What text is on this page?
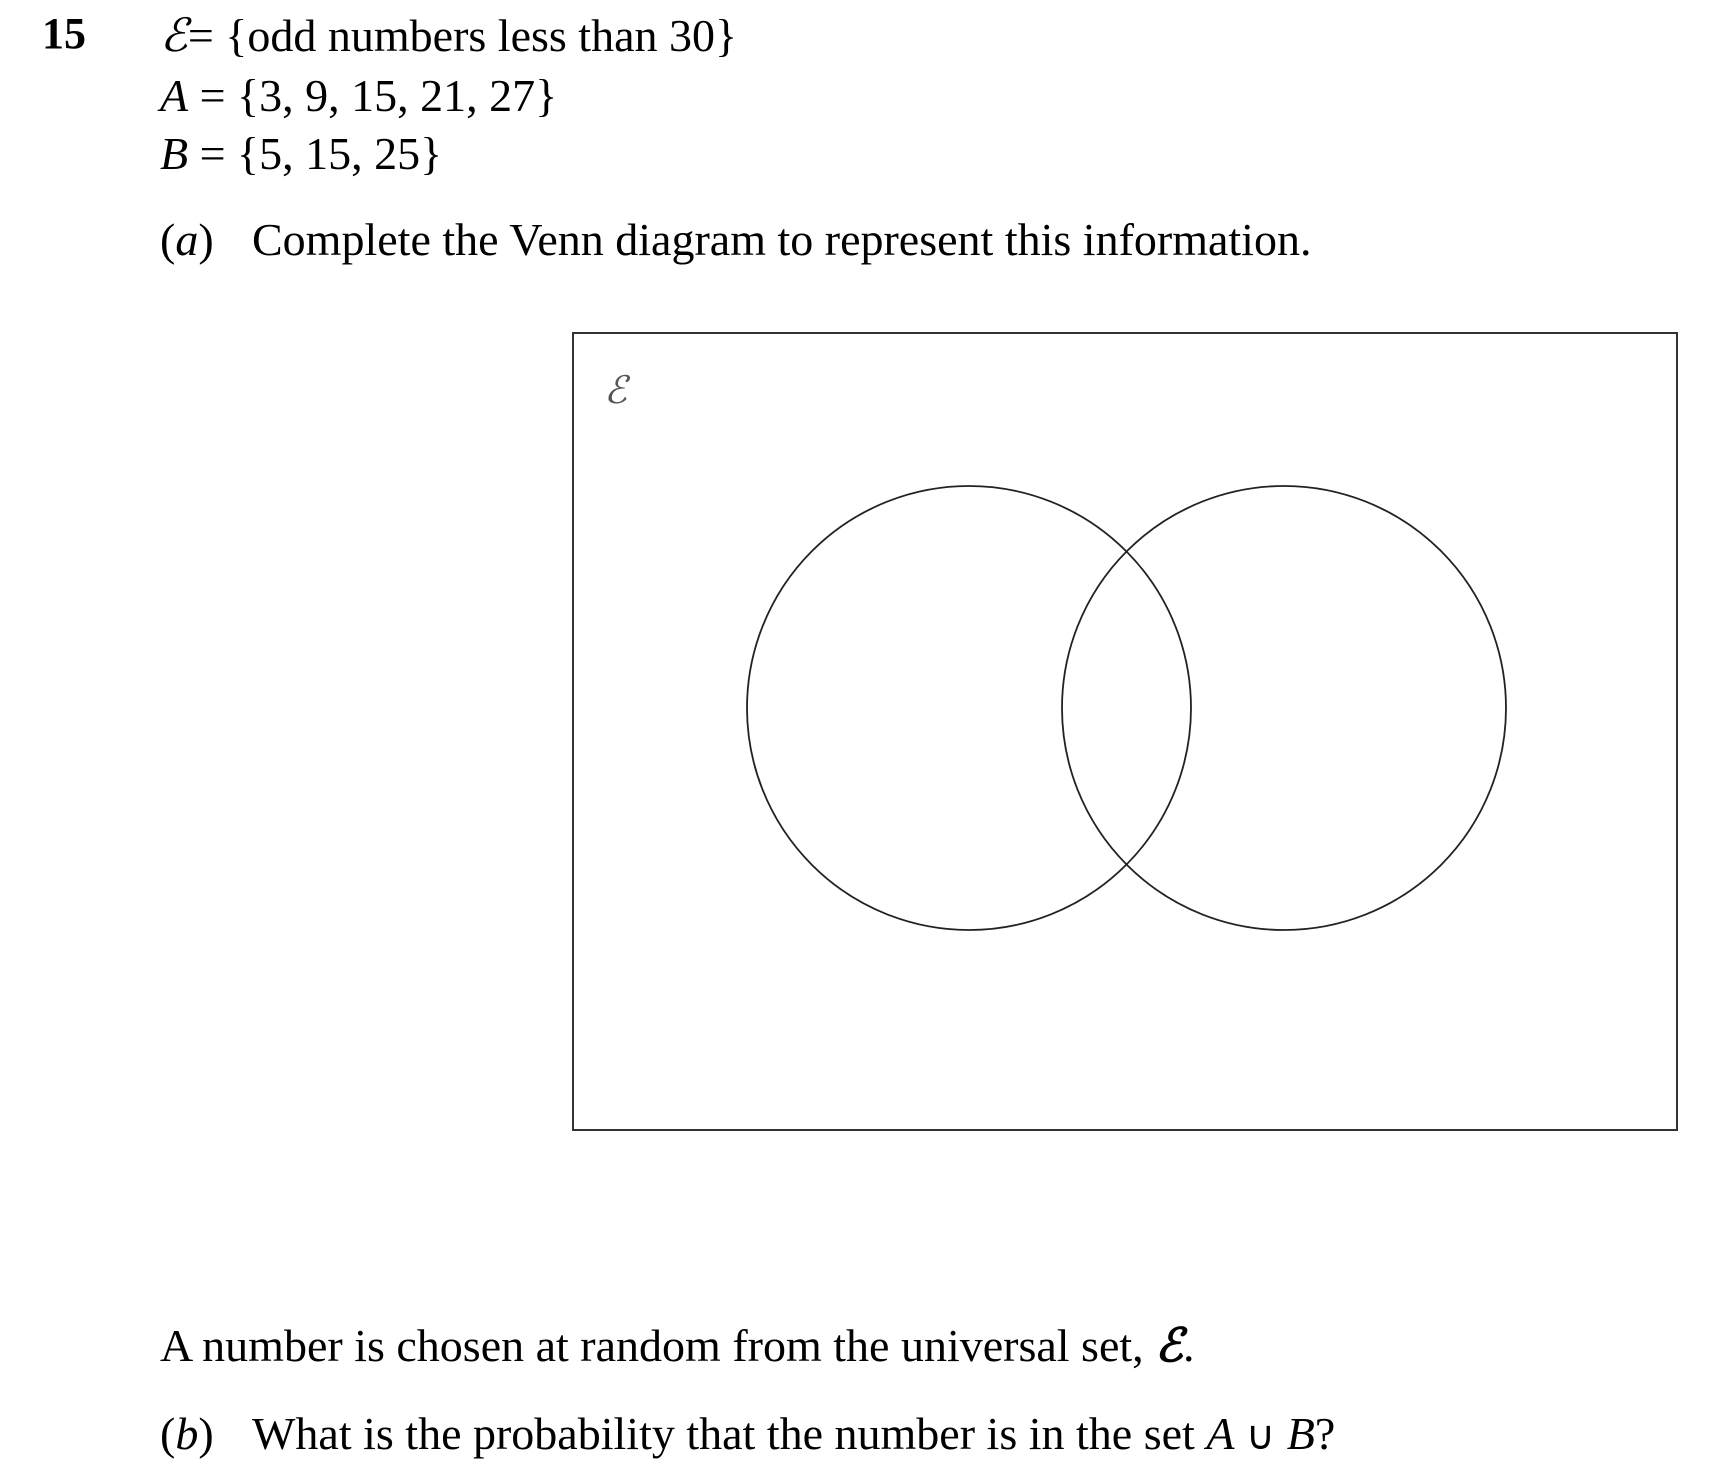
15 ℰ= {odd numbers less than 30}
A = {3, 9, 15, 21, 27}
B = {5, 15, 25}
(a) Complete the Venn diagram to represent this information.
ℰ
A number is chosen at random from the universal set, ℰ.
(b) What is the probability that the number is in the set A ∪ B?
